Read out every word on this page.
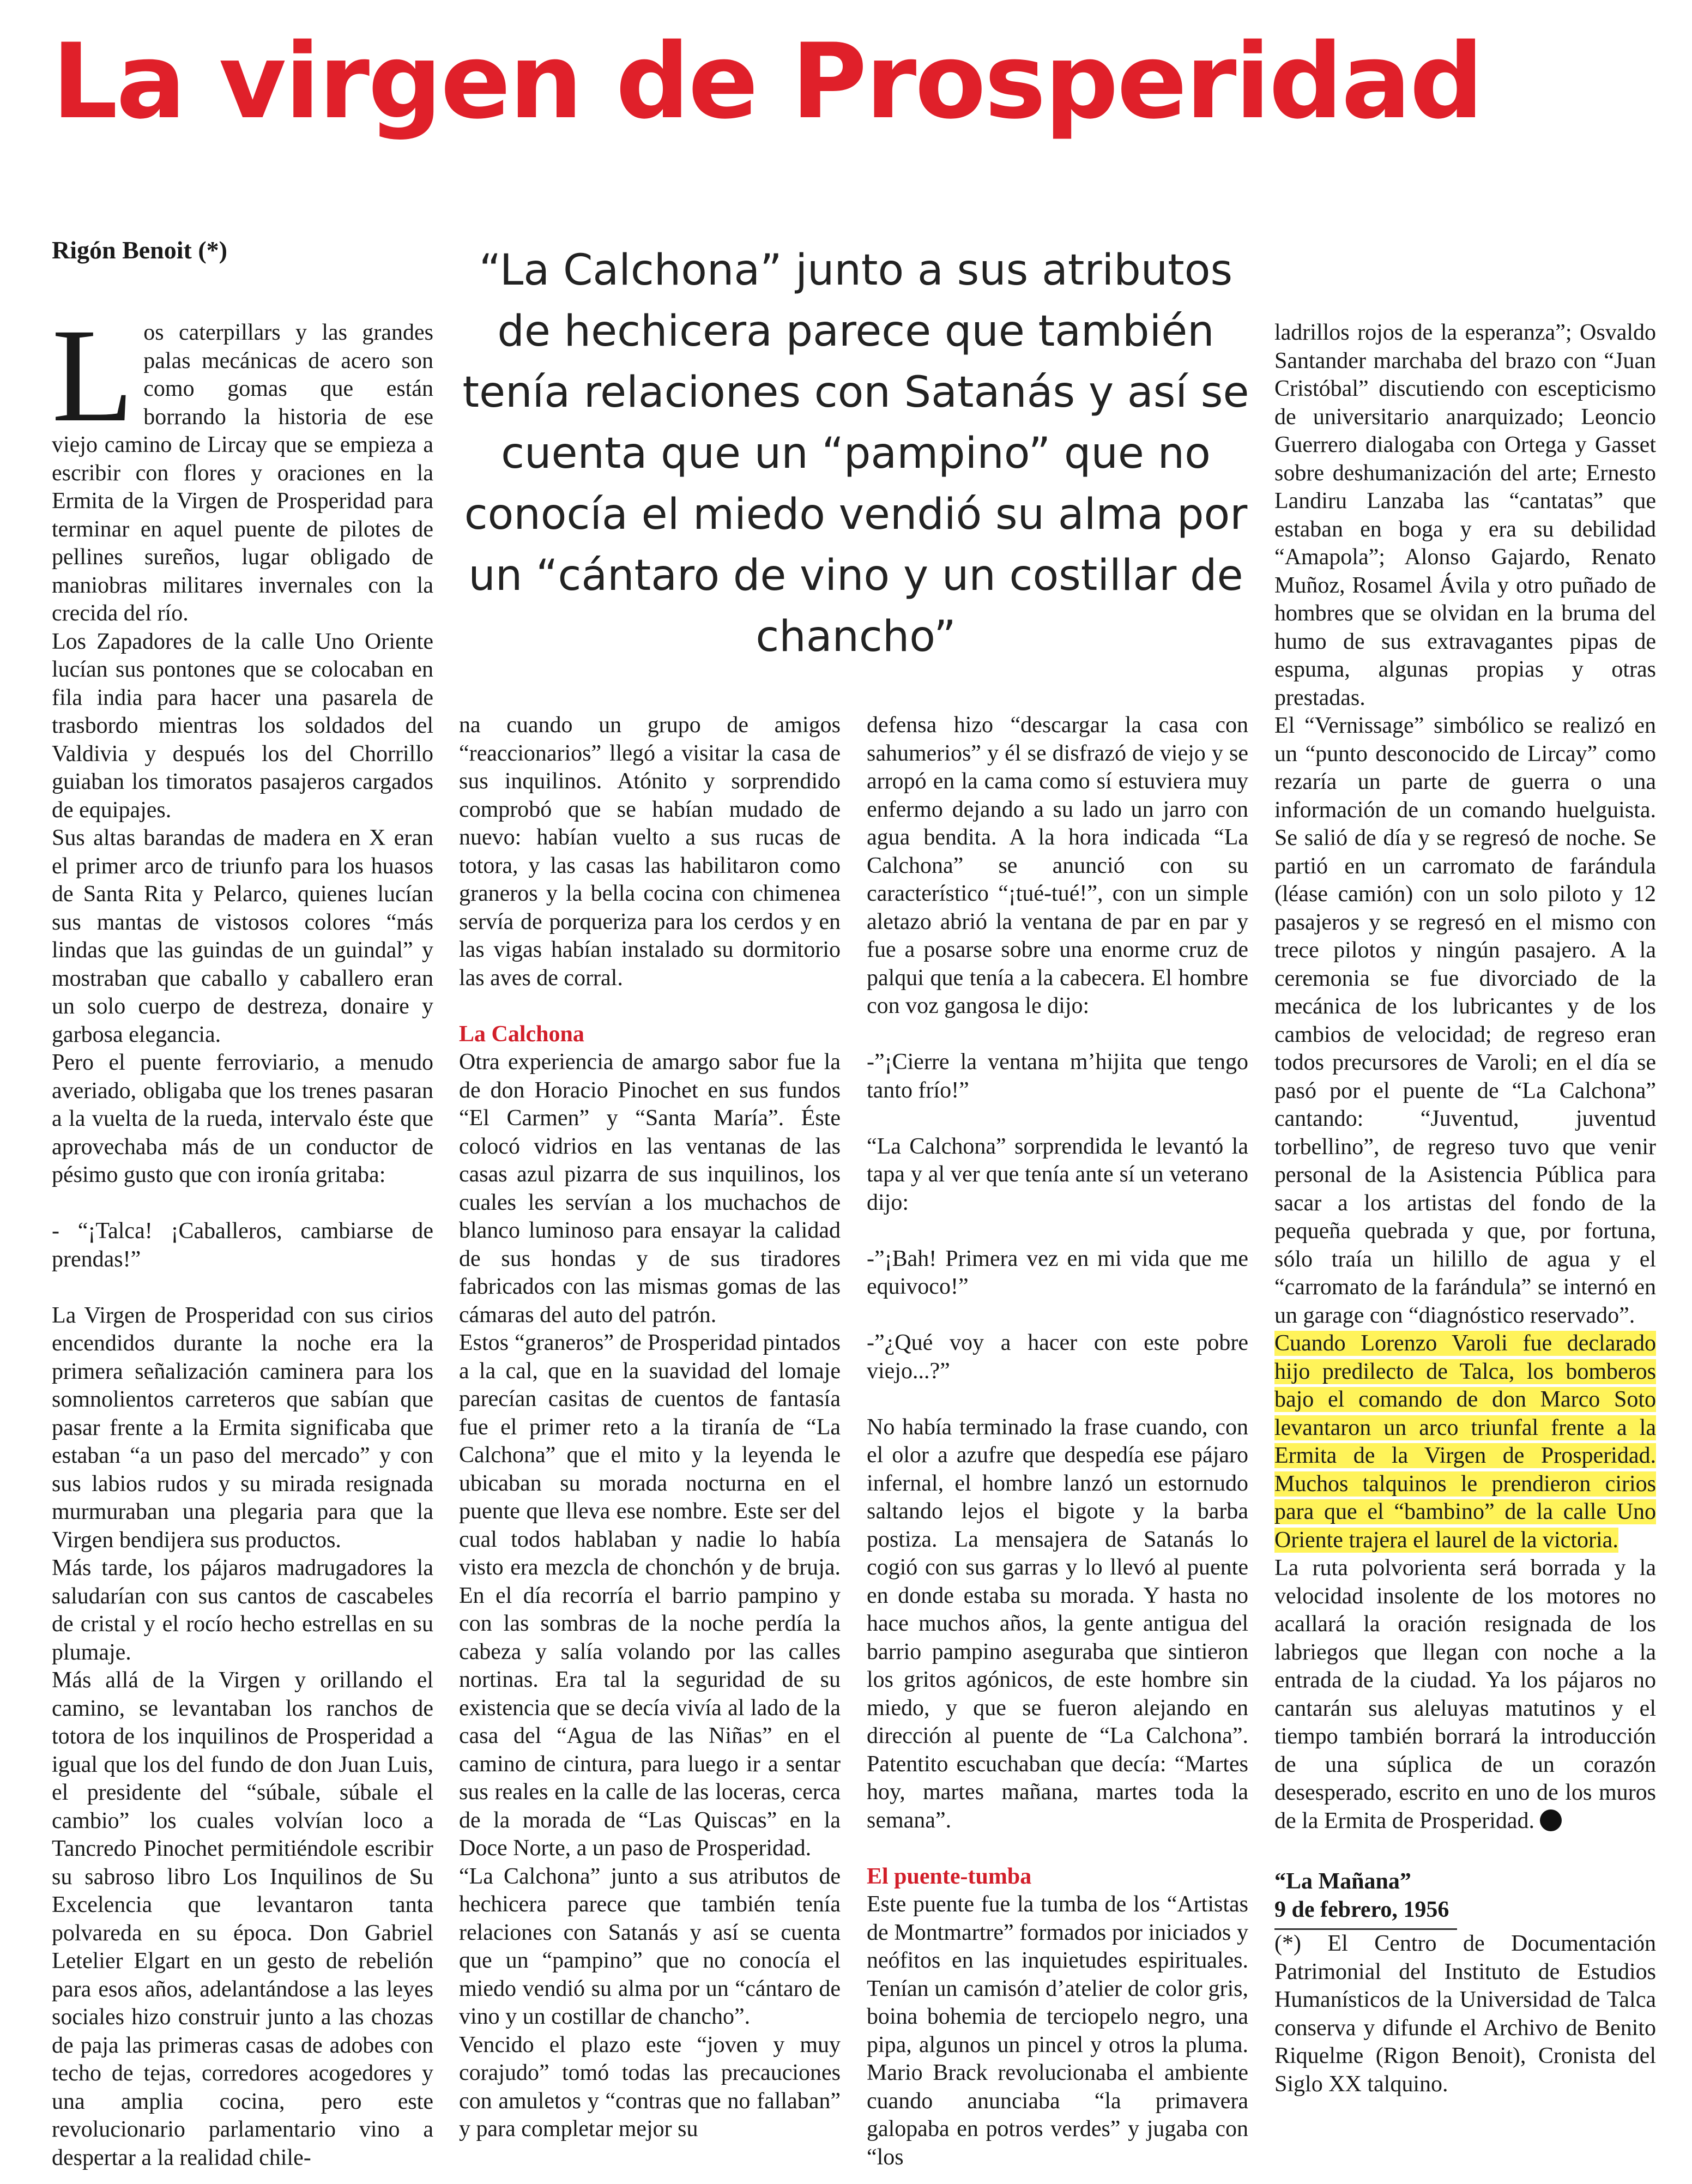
La virgen de Prosperidad
Rigón Benoit (*)	“La Calchona” junto a sus atributos de hechicera parece que también tenía relaciones con Satanás y así se cuenta que un “pampino” que no conocía el miedo vendió su alma por un “cántaro de vino y un costillar de chancho”

Los caterpillars y las grandes palas mecánicas de acero son como gomas que están borrando la historia de ese viejo camino de Lircay que se empieza a escribir con flores y oraciones en la Ermita de la Virgen de Prosperidad para terminar en aquel puente de pilotes de pellines sureños, lugar obligado de maniobras militares invernales con la crecida del río.

Los Zapadores de la calle Uno Oriente lucían sus pontones que se colocaban en fila india para hacer una pasarela de trasbordo mientras los soldados del Valdivia y después los del Chorrillo guiaban los timoratos pasajeros cargados de equipajes.

Sus altas barandas de madera en X eran el primer arco de triunfo para los huasos de Santa Rita y Pelarco, quienes lucían sus mantas de vistosos colores “más lindas que las guindas de un guindal” y mostraban que caballo y caballero eran un solo cuerpo de destreza, donaire y garbosa elegancia.

Pero el puente ferroviario, a menudo averiado, obligaba que los trenes pasaran a la vuelta de la rueda, intervalo éste que aprovechaba más de un conductor de pésimo gusto que con ironía gritaba:

- “¡Talca! ¡Caballeros, cambiarse de prendas!”

La Virgen de Prosperidad con sus cirios encendidos durante la noche era la primera señalización caminera para los somnolientos carreteros que sabían que pasar frente a la Ermita significaba que estaban “a un paso del mercado” y con sus labios rudos y su mirada resignada murmuraban una plegaria para que la Virgen bendijera sus productos.

Más tarde, los pájaros madrugadores la saludarían con sus cantos de cascabeles de cristal y el rocío hecho estrellas en su plumaje.

Más allá de la Virgen y orillando el camino, se levantaban los ranchos de totora de los inquilinos de Prosperidad a igual que los del fundo de don Juan Luis, el presidente del “súbale, súbale el cambio” los cuales volvían loco a Tancredo Pinochet permitiéndole escribir su sabroso libro Los Inquilinos de Su Excelencia que levantaron tanta polvareda en su época. Don Gabriel Letelier Elgart en un gesto de rebelión para esos años, adelantándose a las leyes sociales hizo construir junto a las chozas de paja las primeras casas de adobes con techo de tejas, corredores acogedores y una amplia cocina, pero este revolucionario parlamentario vino a despertar a la realidad chile-

na cuando un grupo de amigos “reaccionarios” llegó a visitar la casa de sus inquilinos. Atónito y sorprendido comprobó que se habían mudado de nuevo: habían vuelto a sus rucas de totora, y las casas las habilitaron como graneros y la bella cocina con chimenea servía de porqueriza para los cerdos y en las vigas habían instalado su dormitorio las aves de corral.

La Calchona

Otra experiencia de amargo sabor fue la de don Horacio Pinochet en sus fundos “El Carmen” y “Santa María”. Éste colocó vidrios en las ventanas de las casas azul pizarra de sus inquilinos, los cuales les servían a los muchachos de blanco luminoso para ensayar la calidad de sus hondas y de sus tiradores fabricados con las mismas gomas de las cámaras del auto del patrón.

Estos “graneros” de Prosperidad pintados a la cal, que en la suavidad del lomaje parecían casitas de cuentos de fantasía fue el primer reto a la tiranía de “La Calchona” que el mito y la leyenda le ubicaban su morada nocturna en el puente que lleva ese nombre. Este ser del cual todos hablaban y nadie lo había visto era mezcla de chonchón y de bruja. En el día recorría el barrio pampino y con las sombras de la noche perdía la cabeza y salía volando por las calles nortinas. Era tal la seguridad de su existencia que se decía vivía al lado de la casa del “Agua de las Niñas” en el camino de cintura, para luego ir a sentar sus reales en la calle de las loceras, cerca de la morada de “Las Quiscas” en la Doce Norte, a un paso de Prosperidad.

“La Calchona” junto a sus atributos de hechicera parece que también tenía relaciones con Satanás y así se cuenta que un “pampino” que no conocía el miedo vendió su alma por un “cántaro de vino y un costillar de chancho”.

Vencido el plazo este “joven y muy corajudo” tomó todas las precauciones con amuletos y “contras que no fallaban” y para completar mejor su

defensa hizo “descargar la casa con sahumerios” y él se disfrazó de viejo y se arropó en la cama como sí estuviera muy enfermo dejando a su lado un jarro con agua bendita. A la hora indicada “La Calchona” se anunció con su característico “¡tué-tué!”, con un simple aletazo abrió la ventana de par en par y fue a posarse sobre una enorme cruz de palqui que tenía a la cabecera. El hombre con voz gangosa le dijo:

-”¡Cierre la ventana m’hijita que tengo tanto frío!”

“La Calchona” sorprendida le levantó la tapa y al ver que tenía ante sí un veterano dijo:

-”¡Bah! Primera vez en mi vida que me equivoco!”

-”¿Qué voy a hacer con este pobre viejo...?”

No había terminado la frase cuando, con el olor a azufre que despedía ese pájaro infernal, el hombre lanzó un estornudo saltando lejos el bigote y la barba postiza. La mensajera de Satanás lo cogió con sus garras y lo llevó al puente en donde estaba su morada. Y hasta no hace muchos años, la gente antigua del barrio pampino aseguraba que sintieron los gritos agónicos, de este hombre sin miedo, y que se fueron alejando en dirección al puente de “La Calchona”. Patentito escuchaban que decía: “Martes hoy, martes mañana, martes toda la semana”.

El puente-tumba

Este puente fue la tumba de los “Artistas de Montmartre” formados por iniciados y neófitos en las inquietudes espirituales. Tenían un camisón d’atelier de color gris, boina bohemia de terciopelo negro, una pipa, algunos un pincel y otros la pluma. Mario Brack revolucionaba el ambiente cuando anunciaba “la primavera galopaba en potros verdes” y jugaba con “los

ladrillos rojos de la esperanza”; Osvaldo Santander marchaba del brazo con “Juan Cristóbal” discutiendo con escepticismo de universitario anarquizado; Leoncio Guerrero dialogaba con Ortega y Gasset sobre deshumanización del arte; Ernesto Landiru Lanzaba las “cantatas” que estaban en boga y era su debilidad “Amapola”; Alonso Gajardo, Renato Muñoz, Rosamel Ávila y otro puñado de hombres que se olvidan en la bruma del humo de sus extravagantes pipas de espuma, algunas propias y otras prestadas.

El “Vernissage” simbólico se realizó en un “punto desconocido de Lircay” como rezaría un parte de guerra o una información de un comando huelguista. Se salió de día y se regresó de noche. Se partió en un carromato de farándula (léase camión) con un solo piloto y 12 pasajeros y se regresó en el mismo con trece pilotos y ningún pasajero. A la ceremonia se fue divorciado de la mecánica de los lubricantes y de los cambios de velocidad; de regreso eran todos precursores de Varoli; en el día se pasó por el puente de “La Calchona” cantando: “Juventud, juventud torbellino”, de regreso tuvo que venir personal de la Asistencia Pública para sacar a los artistas del fondo de la pequeña quebrada y que, por fortuna, sólo traía un hilillo de agua y el “carromato de la farándula” se internó en un garage con “diagnóstico reservado”.

Cuando Lorenzo Varoli fue declarado hijo predilecto de Talca, los bomberos bajo el comando de don Marco Soto levantaron un arco triunfal frente a la Ermita de la Virgen de Prosperidad. Muchos talquinos le prendieron cirios para que el “bambino” de la calle Uno Oriente trajera el laurel de la victoria.

La ruta polvorienta será borrada y la velocidad insolente de los motores no acallará la oración resignada de los labriegos que llegan con noche a la entrada de la ciudad. Ya los pájaros no cantarán sus aleluyas matutinos y el tiempo también borrará la introducción de una súplica de un corazón desesperado, escrito en uno de los muros de la Ermita de Prosperidad.

“La Mañana”
9 de febrero, 1956

(*) El Centro de Documentación Patrimonial del Instituto de Estudios Humanísticos de la Universidad de Talca conserva y difunde el Archivo de Benito Riquelme (Rigon Benoit), Cronista del Siglo XX talquino.
